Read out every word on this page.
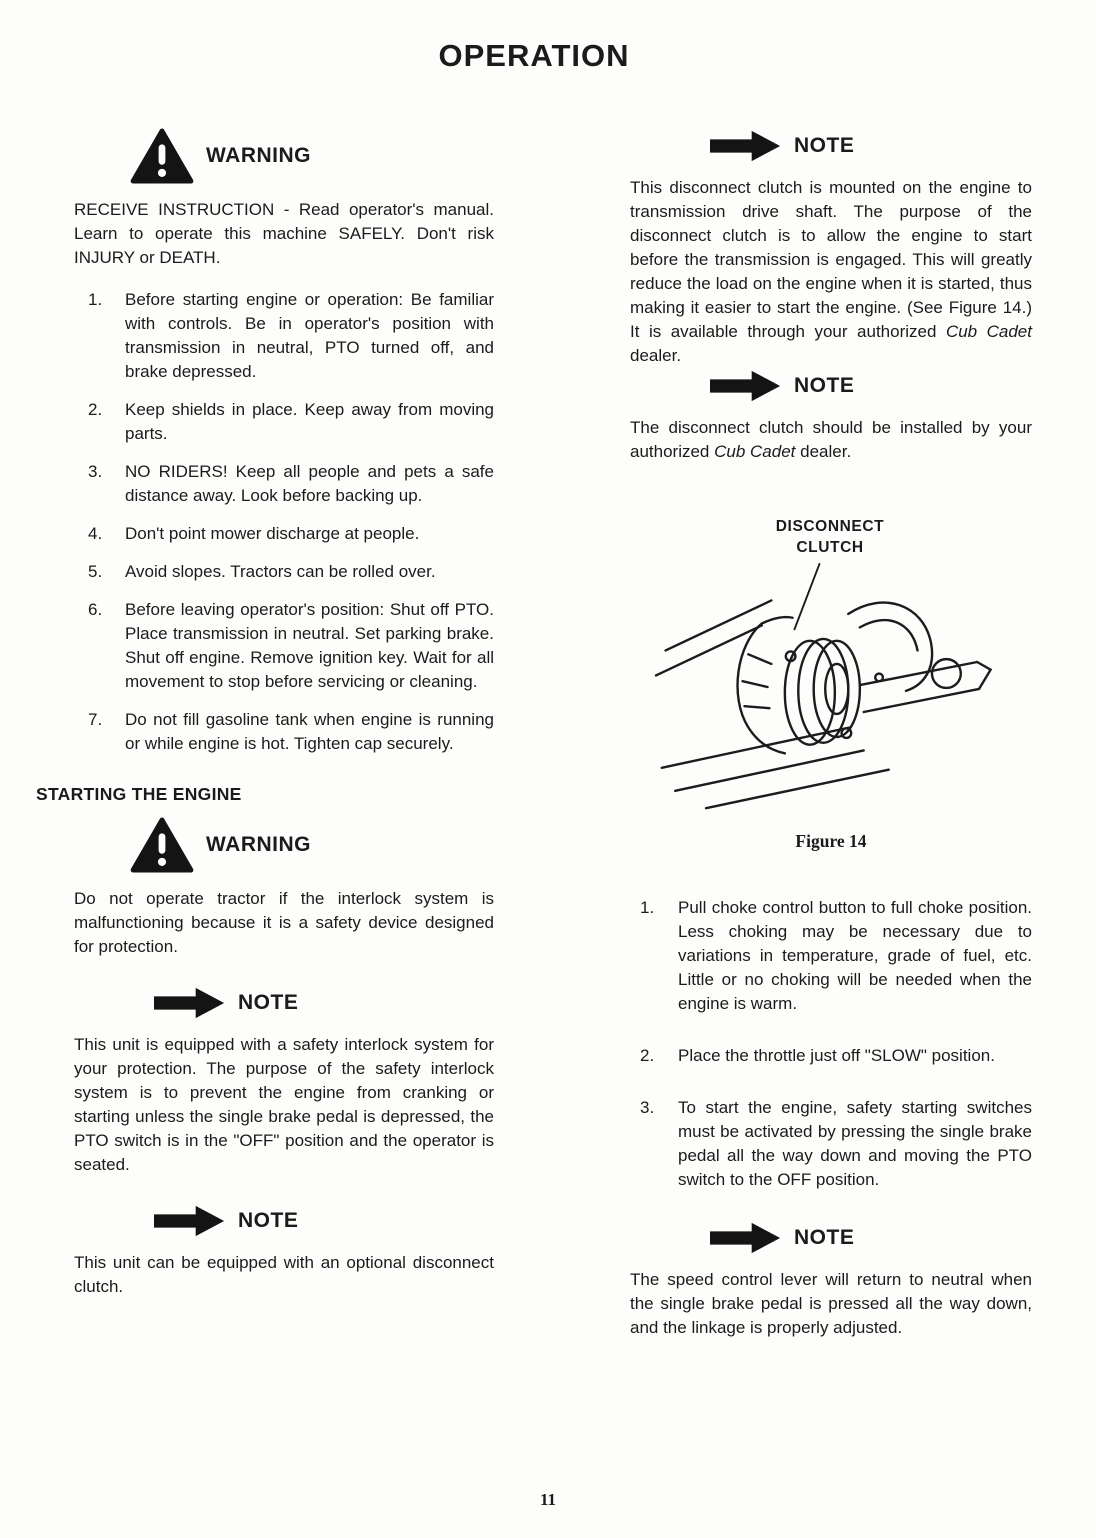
OPERATION
WARNING

RECEIVE INSTRUCTION - Read operator's manual. Learn to operate this machine SAFELY. Don't risk INJURY or DEATH.

1.	Before starting engine or operation: Be familiar with controls. Be in operator's position with transmission in neutral, PTO turned off, and brake depressed.
2.	Keep shields in place. Keep away from moving parts.
3.	NO RIDERS! Keep all people and pets a safe distance away. Look before backing up.
4.	Don't point mower discharge at people.
5.	Avoid slopes. Tractors can be rolled over.
6.	Before leaving operator's position: Shut off PTO. Place transmission in neutral. Set parking brake. Shut off engine. Remove ignition key. Wait for all movement to stop before servicing or cleaning.
7.	Do not fill gasoline tank when engine is running or while engine is hot. Tighten cap securely.
STARTING THE ENGINE
WARNING

Do not operate tractor if the interlock system is malfunctioning because it is a safety device designed for protection.

NOTE

This unit is equipped with a safety interlock system for your protection. The purpose of the safety interlock system is to prevent the engine from cranking or starting unless the single brake pedal is depressed, the PTO switch is in the "OFF" position and the operator is seated.

NOTE

This unit can be equipped with an optional disconnect clutch.

NOTE

This disconnect clutch is mounted on the engine to transmission drive shaft. The purpose of the disconnect clutch is to allow the engine to start before the transmission is engaged. This will greatly reduce the load on the engine when it is started, thus making it easier to start the engine. (See Figure 14.) It is available through your authorized Cub Cadet dealer.

NOTE

The disconnect clutch should be installed by your authorized Cub Cadet dealer.

DISCONNECT
CLUTCH
Figure 14
1.	Pull choke control button to full choke position. Less choking may be necessary due to variations in temperature, grade of fuel, etc. Little or no choking will be needed when the engine is warm.
2.	Place the throttle just off "SLOW" position.
3.	To start the engine, safety starting switches must be activated by pressing the single brake pedal all the way down and moving the PTO switch to the OFF position.
NOTE

The speed control lever will return to neutral when the single brake pedal is pressed all the way down, and the linkage is properly adjusted.

11
